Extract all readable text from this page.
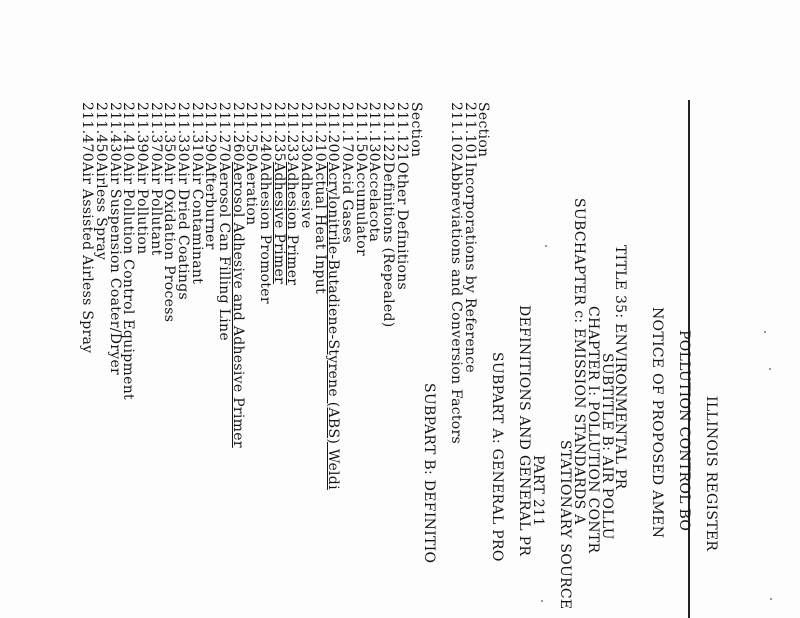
ILLINOIS REGISTER
POLLUTION CONTROL BO
NOTICE OF PROPOSED AMEN
TITLE 35: ENVIRONMENTAL PR
SUBTITLE B: AIR POLLU
CHAPTER I: POLLUTION CONTR
SUBCHAPTER c: EMISSION STANDARDS A
STATIONARY SOURCE
PART 211
DEFINITIONS AND GENERAL PR
SUBPART A: GENERAL PRO
Section
211.101Incorporations by Reference
211.102Abbreviations and Conversion Factors
SUBPART B: DEFINITIO
Section
211.121Other Definitions
211.122Definitions (Repealed)
211.130Accelacota
211.150Accumulator
211.170Acid Gases
211.200Acrylonitrile-Butadiene-Styrene (ABS) Weldi
211.210Actual Heat Input
211.230Adhesive
211.233Adhesion Primer
211.235Adhesive Primer
211.240Adhesion Promoter
211.250Aeration
211.260Aerosol Adhesive and Adhesive Primer
211.270Aerosol Can Filling Line
211.290Afterburner
211.310Air Contaminant
211.330Air Dried Coatings
211.350Air Oxidation Process
211.370Air Pollutant
211.390Air Pollution
211.410Air Pollution Control Equipment
211.430Air Suspension Coater/Dryer
211.450Airless Spray
211.470Air Assisted Airless Spray
